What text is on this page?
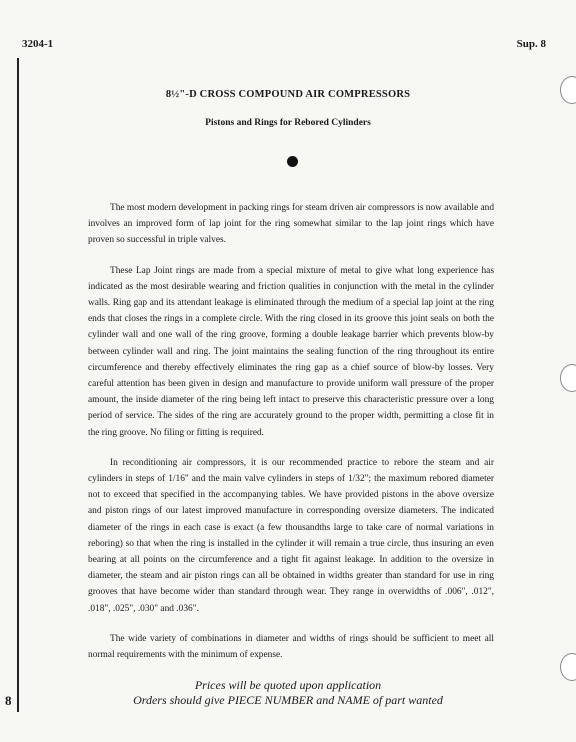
3204-1	Sup. 8
8½"-D CROSS COMPOUND AIR COMPRESSORS
Pistons and Rings for Rebored Cylinders

The most modern development in packing rings for steam driven air compressors is now available and involves an improved form of lap joint for the ring somewhat similar to the lap joint rings which have proven so successful in triple valves.

These Lap Joint rings are made from a special mixture of metal to give what long experience has indicated as the most desirable wearing and friction qualities in conjunction with the metal in the cylinder walls. Ring gap and its attendant leakage is eliminated through the medium of a special lap joint at the ring ends that closes the rings in a complete circle. With the ring closed in its groove this joint seals on both the cylinder wall and one wall of the ring groove, forming a double leakage barrier which prevents blow-by between cylinder wall and ring. The joint maintains the sealing function of the ring throughout its entire circumference and thereby effectively eliminates the ring gap as a chief source of blow-by losses. Very careful attention has been given in design and manufacture to provide uniform wall pressure of the proper amount, the inside diameter of the ring being left intact to preserve this characteristic pressure over a long period of service. The sides of the ring are accurately ground to the proper width, permitting a close fit in the ring groove. No filing or fitting is required.

In reconditioning air compressors, it is our recommended practice to rebore the steam and air cylinders in steps of 1/16" and the main valve cylinders in steps of 1/32"; the maximum rebored diameter not to exceed that specified in the accompanying tables. We have provided pistons in the above oversize and piston rings of our latest improved manufacture in corresponding oversize diameters. The indicated diameter of the rings in each case is exact (a few thousandths large to take care of normal variations in reboring) so that when the ring is installed in the cylinder it will remain a true circle, thus insuring an even bearing at all points on the circumference and a tight fit against leakage. In addition to the oversize in diameter, the steam and air piston rings can all be obtained in widths greater than standard for use in ring grooves that have become wider than standard through wear. They range in overwidths of .006", .012", .018", .025", .030" and .036".

The wide variety of combinations in diameter and widths of rings should be sufficient to meet all normal requirements with the minimum of expense.

Prices will be quoted upon application
Orders should give PIECE NUMBER and NAME of part wanted
8
